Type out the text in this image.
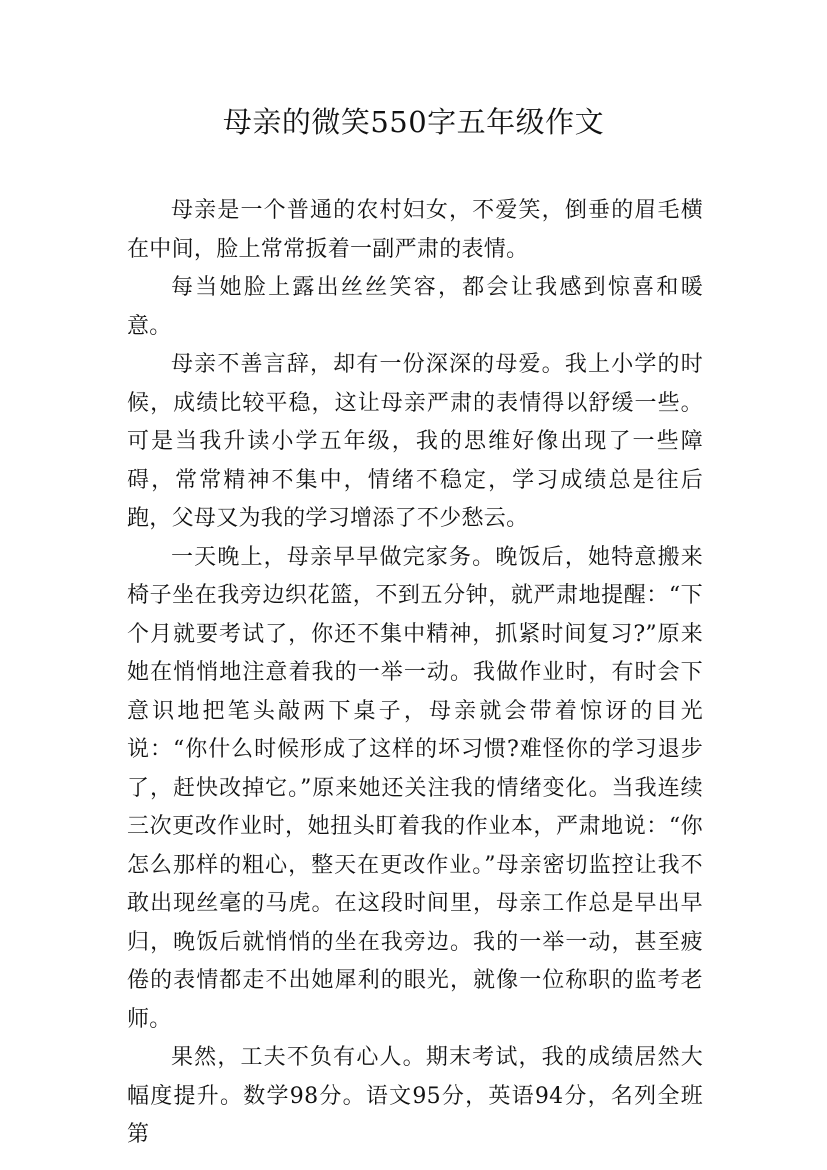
母亲的微笑550字五年级作文

母亲是一个普通的农村妇女，不爱笑，倒垂的眉毛横在中间，脸上常常扳着一副严肃的表情。

每当她脸上露出丝丝笑容，都会让我感到惊喜和暖意。

母亲不善言辞，却有一份深深的母爱。我上小学的时候，成绩比较平稳，这让母亲严肃的表情得以舒缓一些。可是当我升读小学五年级，我的思维好像出现了一些障碍，常常精神不集中，情绪不稳定，学习成绩总是往后跑，父母又为我的学习增添了不少愁云。

一天晚上，母亲早早做完家务。晚饭后，她特意搬来椅子坐在我旁边织花篮，不到五分钟，就严肃地提醒：“下个月就要考试了，你还不集中精神，抓紧时间复习?”原来她在悄悄地注意着我的一举一动。我做作业时，有时会下意识地把笔头敲两下桌子，母亲就会带着惊讶的目光说：“你什么时候形成了这样的坏习惯?难怪你的学习退步了，赶快改掉它。”原来她还关注我的情绪变化。当我连续三次更改作业时，她扭头盯着我的作业本，严肃地说：“你怎么那样的粗心，整天在更改作业。”母亲密切监控让我不敢出现丝毫的马虎。在这段时间里，母亲工作总是早出早归，晚饭后就悄悄的坐在我旁边。我的一举一动，甚至疲倦的表情都走不出她犀利的眼光，就像一位称职的监考老师。

果然，工夫不负有心人。期末考试，我的成绩居然大幅度提升。数学98分。语文95分，英语94分，名列全班第
